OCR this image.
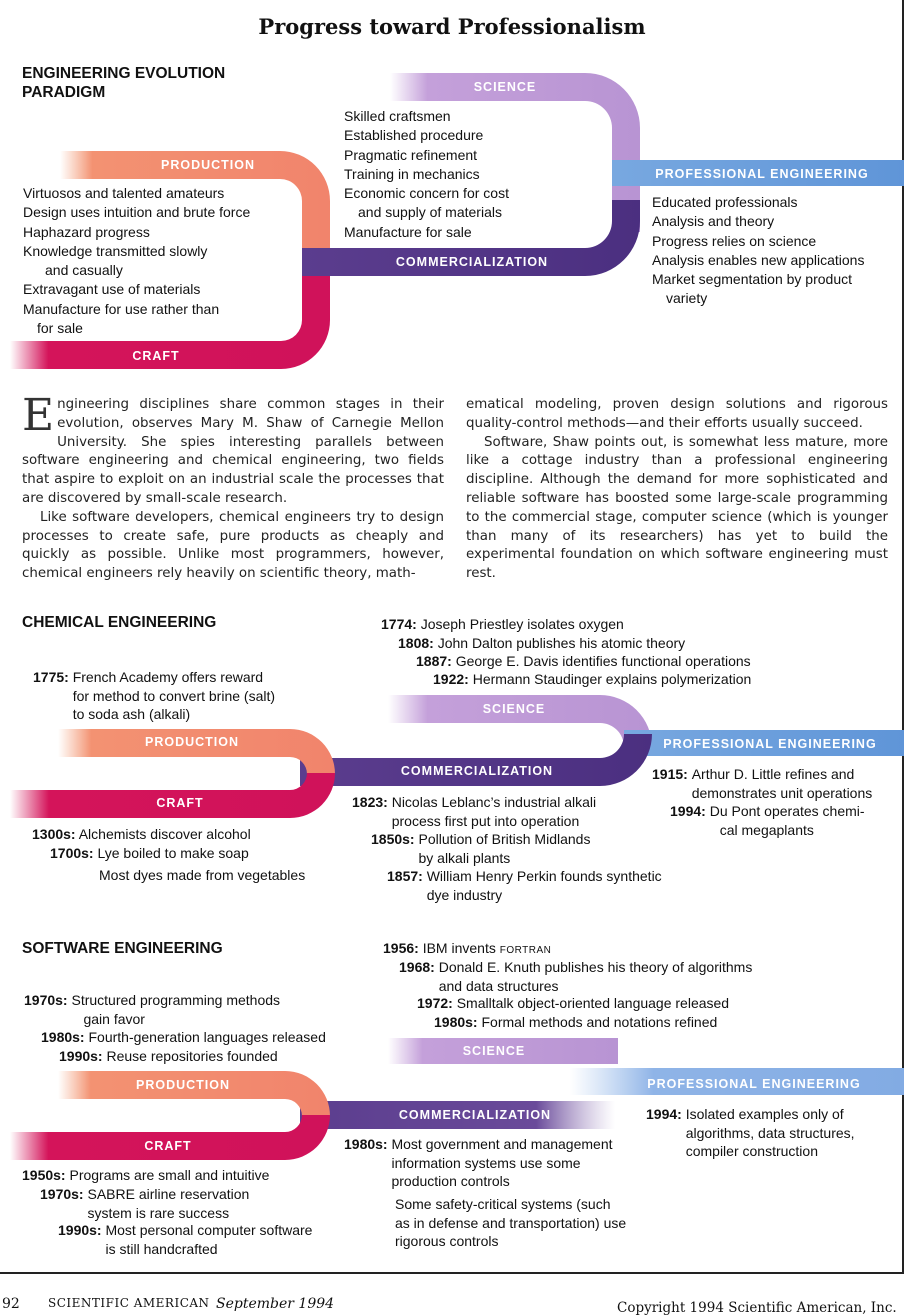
Progress toward Professionalism
SCIENCE
PRODUCTION
PROFESSIONAL ENGINEERING
COMMERCIALIZATION
CRAFT
SCIENCE
PRODUCTION	PROFESSIONAL ENGINEERING
COMMERCIALIZATION
CRAFT
SCIENCE
PRODUCTION	PROFESSIONAL ENGINEERING
COMMERCIALIZATION
CRAFT
ENGINEERING EVOLUTION
PARADIGM
Virtuosos and talented amateurs
Design uses intuition and brute force
Haphazard progress
Knowledge transmitted slowly
and casually
Extravagant use of materials
Manufacture for use rather than
for sale
Skilled craftsmen
Established procedure
Pragmatic refinement
Training in mechanics
Economic concern for cost
and supply of materials
Manufacture for sale
Educated professionals
Analysis and theory
Progress relies on science
Analysis enables new applications
Market segmentation by product
variety

Engineering disciplines share common stages in their evolution, observes Mary M. Shaw of Carnegie Mellon University. She spies interesting parallels between software engineering and chemical engineering, two fields that aspire to exploit on an industrial scale the processes that are discovered by small-scale research.

Like software developers, chemical engineers try to design processes to create safe, pure products as cheaply and quickly as possible. Unlike most programmers, however, chemical engineers rely heavily on scientific theory, math-

ematical modeling, proven design solutions and rigorous quality-control methods—and their efforts usually succeed.

Software, Shaw points out, is somewhat less mature, more like a cottage industry than a professional engineering discipline. Although the demand for more sophisticated and reliable software has boosted some large-scale programming to the commercial stage, computer science (which is younger than many of its researchers) has yet to build the experimental foundation on which software engineering must rest.

CHEMICAL ENGINEERING	1774: Joseph Priestley isolates oxygen
1808: John Dalton publishes his atomic theory
1887: George E. Davis identifies functional operations
1922: Hermann Staudinger explains polymerization
1775: French Academy offers reward
for method to convert brine (salt)
to soda ash (alkali)
1300s: Alchemists discover alcohol
1700s: Lye boiled to make soap
Most dyes made from vegetables
1823: Nicolas Leblanc’s industrial alkali
process first put into operation
1850s: Pollution of British Midlands
by alkali plants
1857: William Henry Perkin founds synthetic
dye industry
1915: Arthur D. Little refines and
demonstrates unit operations
1994: Du Pont operates chemi-
cal megaplants
SOFTWARE ENGINEERING	1956: IBM invents FORTRAN
1968: Donald E. Knuth publishes his theory of algorithms
and data structures
1972: Smalltalk object-oriented language released
1980s: Formal methods and notations refined
1970s: Structured programming methods
gain favor
1980s: Fourth-generation languages released
1990s: Reuse repositories founded
1950s: Programs are small and intuitive
1970s: SABRE airline reservation
system is rare success
1990s: Most personal computer software
is still handcrafted
1980s: Most government and management
information systems use some
production controls
Some safety-critical systems (such
as in defense and transportation) use
rigorous controls
1994: Isolated examples only of
algorithms, data structures,
compiler construction
92 SCIENTIFIC AMERICAN September 1994	Copyright 1994 Scientific American, Inc.
